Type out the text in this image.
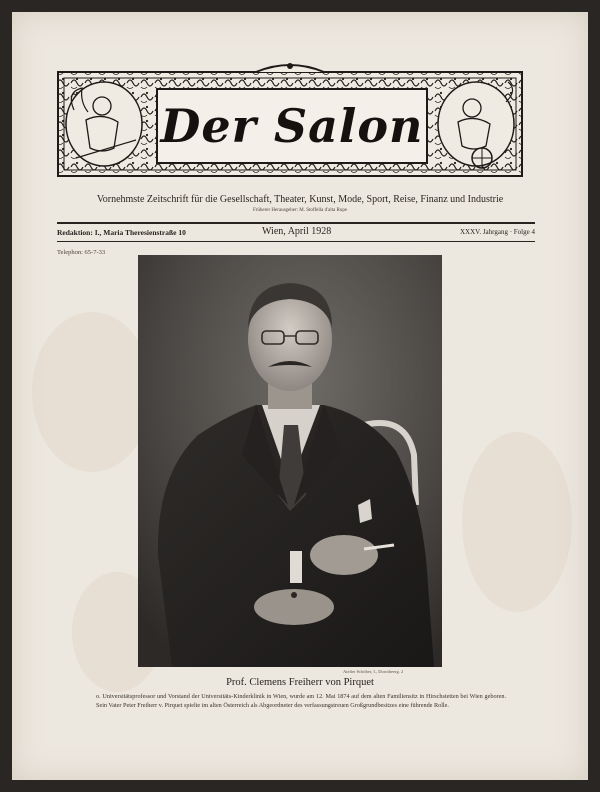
Der Salon
Vornehmste Zeitschrift für die Gesellschaft, Theater, Kunst, Mode, Sport, Reise, Finanz und Industrie
Früherer Herausgeber: M. Stoffella d'alta Rupe
Redaktion: I., Maria Theresienstraße 10	Wien, April 1928	XXXV. Jahrgang · Folge 4
Telephon: 65-7-33
Atelier Schöber, I., Dorotheerg. 2
Prof. Clemens Freiherr von Pirquet
o. Universitätsprofessor und Vorstand der Universitäts-Kinderklinik in Wien, wurde am 12. Mai 1874 auf dem alten Familiensitz in Hirschstetten bei Wien geboren. Sein Vater Peter Freiherr v. Pirquet spielte im alten Österreich als Abgeordneter des verfassungstreuen Großgrundbesitzes eine führende Rolle.
